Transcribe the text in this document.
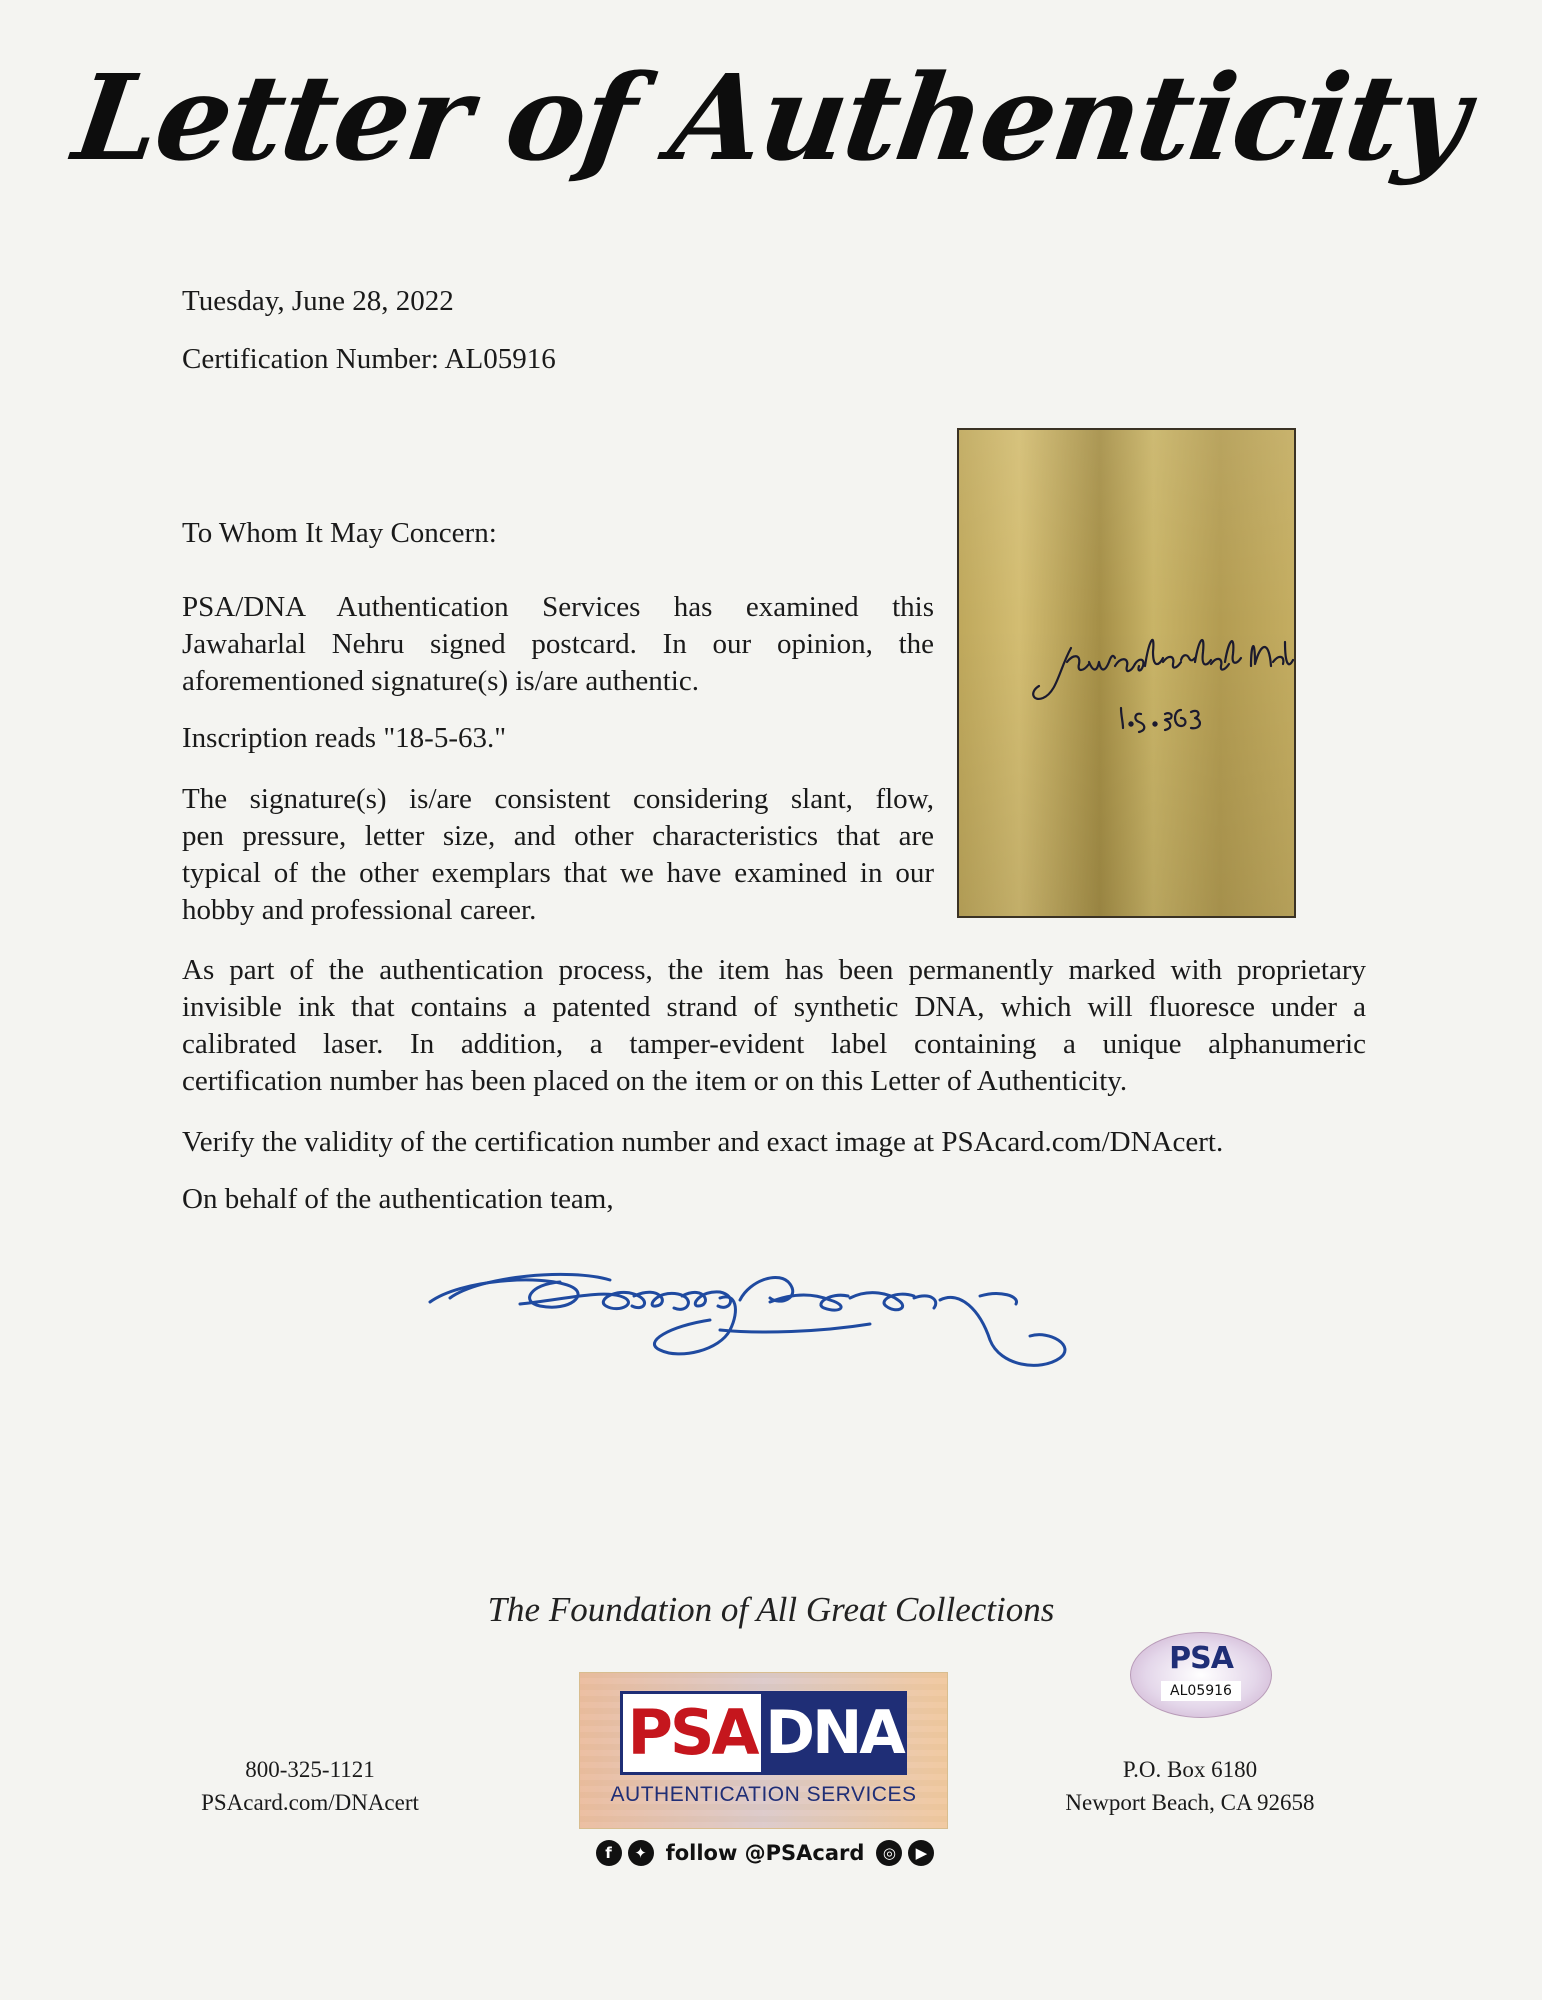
Letter of Authenticity
Tuesday, June 28, 2022
Certification Number: AL05916
To Whom It May Concern:
PSA/DNA Authentication Services has examined this
Jawaharlal Nehru signed postcard. In our opinion, the
aforementioned signature(s) is/are authentic.
Inscription reads "18-5-63."
The signature(s) is/are consistent considering slant, flow,
pen pressure, letter size, and other characteristics that are
typical of the other exemplars that we have examined in our
hobby and professional career.
As part of the authentication process, the item has been permanently marked with proprietary
invisible ink that contains a patented strand of synthetic DNA, which will fluoresce under a
calibrated laser. In addition, a tamper-evident label containing a unique alphanumeric
certification number has been placed on the item or on this Letter of Authenticity.
Verify the validity of the certification number and exact image at PSAcard.com/DNAcert.
On behalf of the authentication team,
The Foundation of All Great Collections
800-325-1121
PSAcard.com/DNAcert
PSA DNA
AUTHENTICATION SERVICES
f	✦ follow @PSAcard	◎	▶
P.O. Box 6180
Newport Beach, CA 92658
PSA
AL05916
